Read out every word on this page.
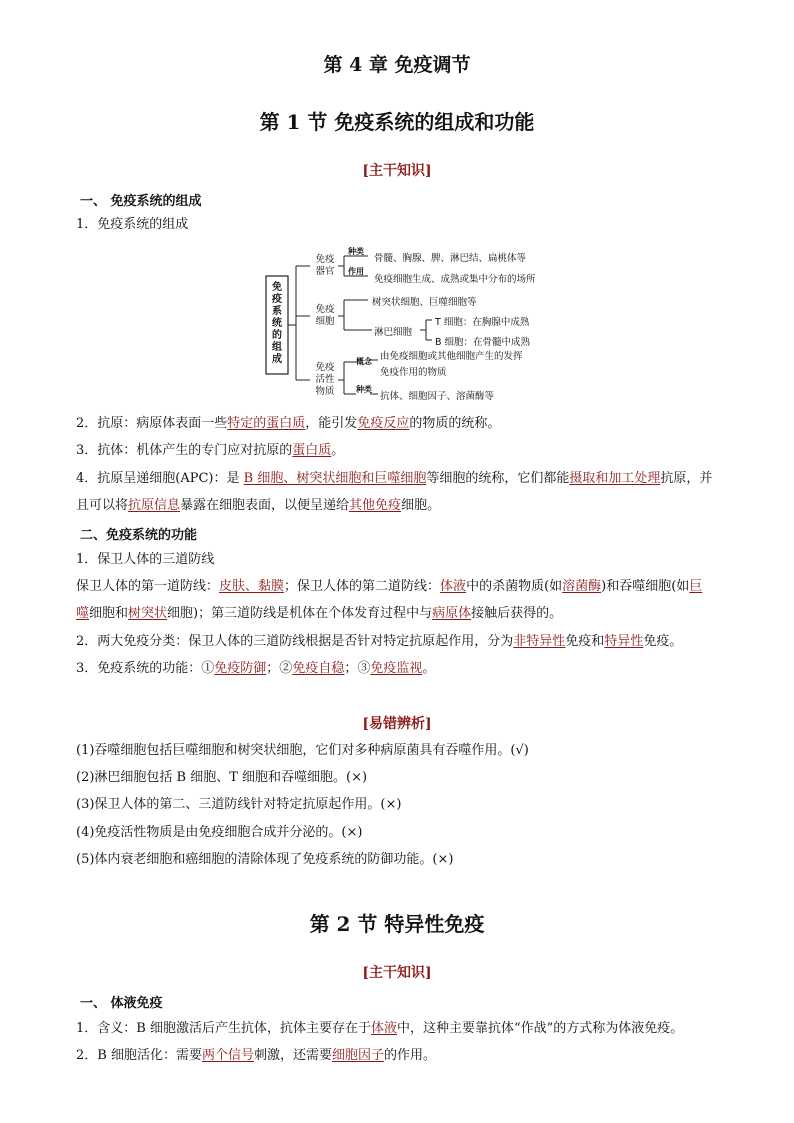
第 4 章 免疫调节
第 1 节 免疫系统的组成和功能
[主干知识]
一、 免疫系统的组成
1．免疫系统的组成
免疫系统的组成
免疫器官
种类
骨髓、胸腺、脾、淋巴结、扁桃体等
作用
免疫细胞生成、成熟或集中分布的场所
免疫细胞
树突状细胞、巨噬细胞等
淋巴细胞
T 细胞：在胸腺中成熟
B 细胞：在骨髓中成熟
免疫活性物质
概念 由免疫细胞或其他细胞产生的发挥
免疫作用的物质
种类
抗体、细胞因子、溶菌酶等
2．抗原：病原体表面一些特定的蛋白质，能引发免疫反应的物质的统称。
3．抗体：机体产生的专门应对抗原的蛋白质。
4．抗原呈递细胞(APC)：是 B 细胞、树突状细胞和巨噬细胞等细胞的统称，它们都能摄取和加工处理抗原，并
且可以将抗原信息暴露在细胞表面，以便呈递给其他免疫细胞。
二、免疫系统的功能
1．保卫人体的三道防线
保卫人体的第一道防线：皮肤、黏膜；保卫人体的第二道防线：体液中的杀菌物质(如溶菌酶)和吞噬细胞(如巨
噬细胞和树突状细胞)；第三道防线是机体在个体发育过程中与病原体接触后获得的。
2．两大免疫分类：保卫人体的三道防线根据是否针对特定抗原起作用，分为非特异性免疫和特异性免疫。
3．免疫系统的功能：①免疫防御；②免疫自稳；③免疫监视。
[易错辨析]
(1)吞噬细胞包括巨噬细胞和树突状细胞，它们对多种病原菌具有吞噬作用。(√)
(2)淋巴细胞包括 B 细胞、T 细胞和吞噬细胞。(×)
(3)保卫人体的第二、三道防线针对特定抗原起作用。(×)
(4)免疫活性物质是由免疫细胞合成并分泌的。(×)
(5)体内衰老细胞和癌细胞的清除体现了免疫系统的防御功能。(×)
第 2 节 特异性免疫
[主干知识]
一、 体液免疫
1．含义：B 细胞激活后产生抗体，抗体主要存在于体液中，这种主要靠抗体“作战”的方式称为体液免疫。
2．B 细胞活化：需要两个信号刺激，还需要细胞因子的作用。
